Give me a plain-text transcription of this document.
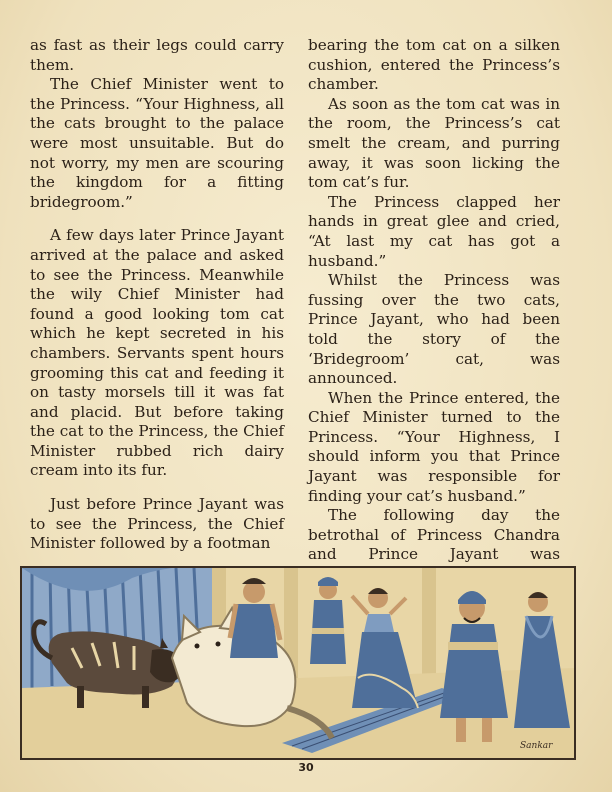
as fast as their legs could carry them.

The Chief Minister went to the Princess. “Your Highness, all the cats brought to the palace were most unsuitable. But do not worry, my men are scouring the kingdom for a fitting bridegroom.”

A few days later Prince Jayant arrived at the palace and asked to see the Princess. Meanwhile the wily Chief Minister had found a good looking tom cat which he kept secreted in his chambers. Servants spent hours grooming this cat and feeding it on tasty morsels till it was fat and placid. But before taking the cat to the Princess, the Chief Minister rubbed rich dairy cream into its fur.

Just before Prince Jayant was to see the Princess, the Chief Minister followed by a footman

bearing the tom cat on a silken cushion, entered the Princess’s chamber.

As soon as the tom cat was in the room, the Princess’s cat smelt the cream, and purring away, it was soon licking the tom cat’s fur.

The Princess clapped her hands in great glee and cried, “At last my cat has got a husband.”

Whilst the Princess was fussing over the two cats, Prince Jayant, who had been told the story of the ‘Bridegroom’ cat, was announced.

When the Prince entered, the Chief Minister turned to the Princess. “Your Highness, I should inform you that Prince Jayant was responsible for finding your cat’s husband.”

The following day the betrothal of Princess Chandra and Prince Jayant was

Sankar
30
